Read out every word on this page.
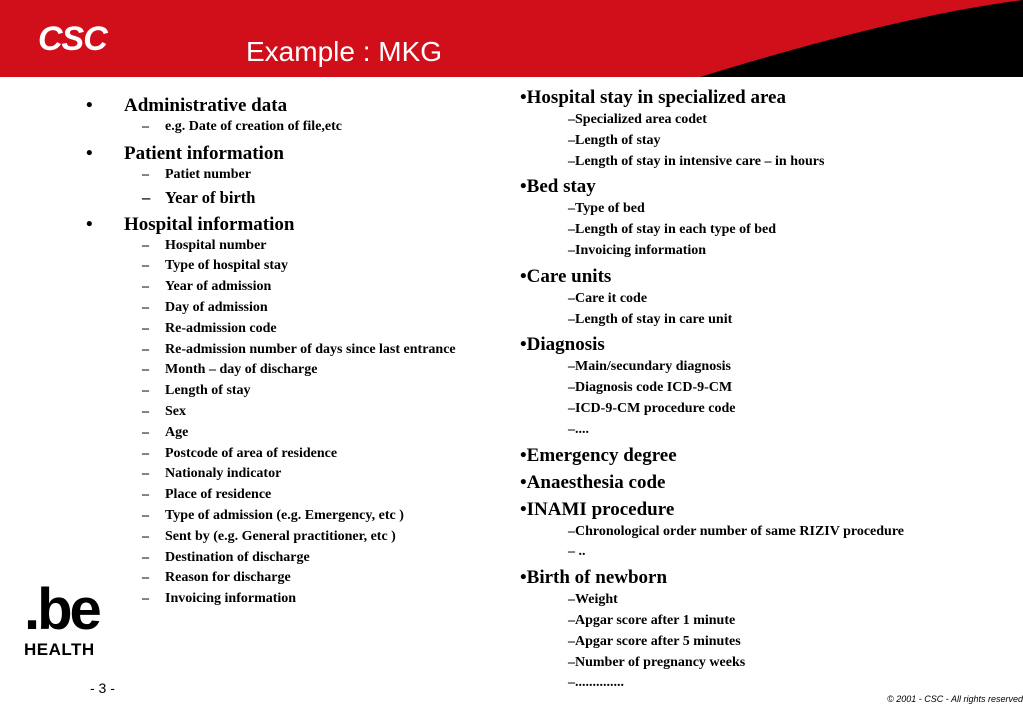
CSC	Example : MKG
• Administrative data
– e.g. Date of creation of file,etc
• Patient information
– Patiet number
– Year of birth
• Hospital information
– Hospital number
– Type of hospital stay
– Year of admission
– Day of admission
– Re-admission code
– Re-admission number of days since last entrance
– Month – day of discharge
– Length of stay
– Sex
– Age
– Postcode of area of residence
– Nationaly indicator
– Place of residence
– Type of admission (e.g. Emergency, etc )
– Sent by (e.g. General practitioner, etc )
– Destination of discharge
– Reason for discharge
– Invoicing information
•Hospital stay in specialized area
–Specialized area codet
–Length of stay
–Length of stay in intensive care – in hours
•Bed stay
–Type of bed
–Length of stay in each type of bed
–Invoicing information
•Care units
–Care it code
–Length of stay in care unit
•Diagnosis
–Main/secundary diagnosis
–Diagnosis code ICD-9-CM
–ICD-9-CM procedure code
–....
•Emergency degree
•Anaesthesia code
•INAMI procedure
–Chronological order number of same RIZIV procedure
– ..
•Birth of newborn
–Weight
–Apgar score after 1 minute
–Apgar score after 5 minutes
–Number of pregnancy weeks
–..............
.be
HEALTH
- 3 -
© 2001 - CSC - All rights reserved
